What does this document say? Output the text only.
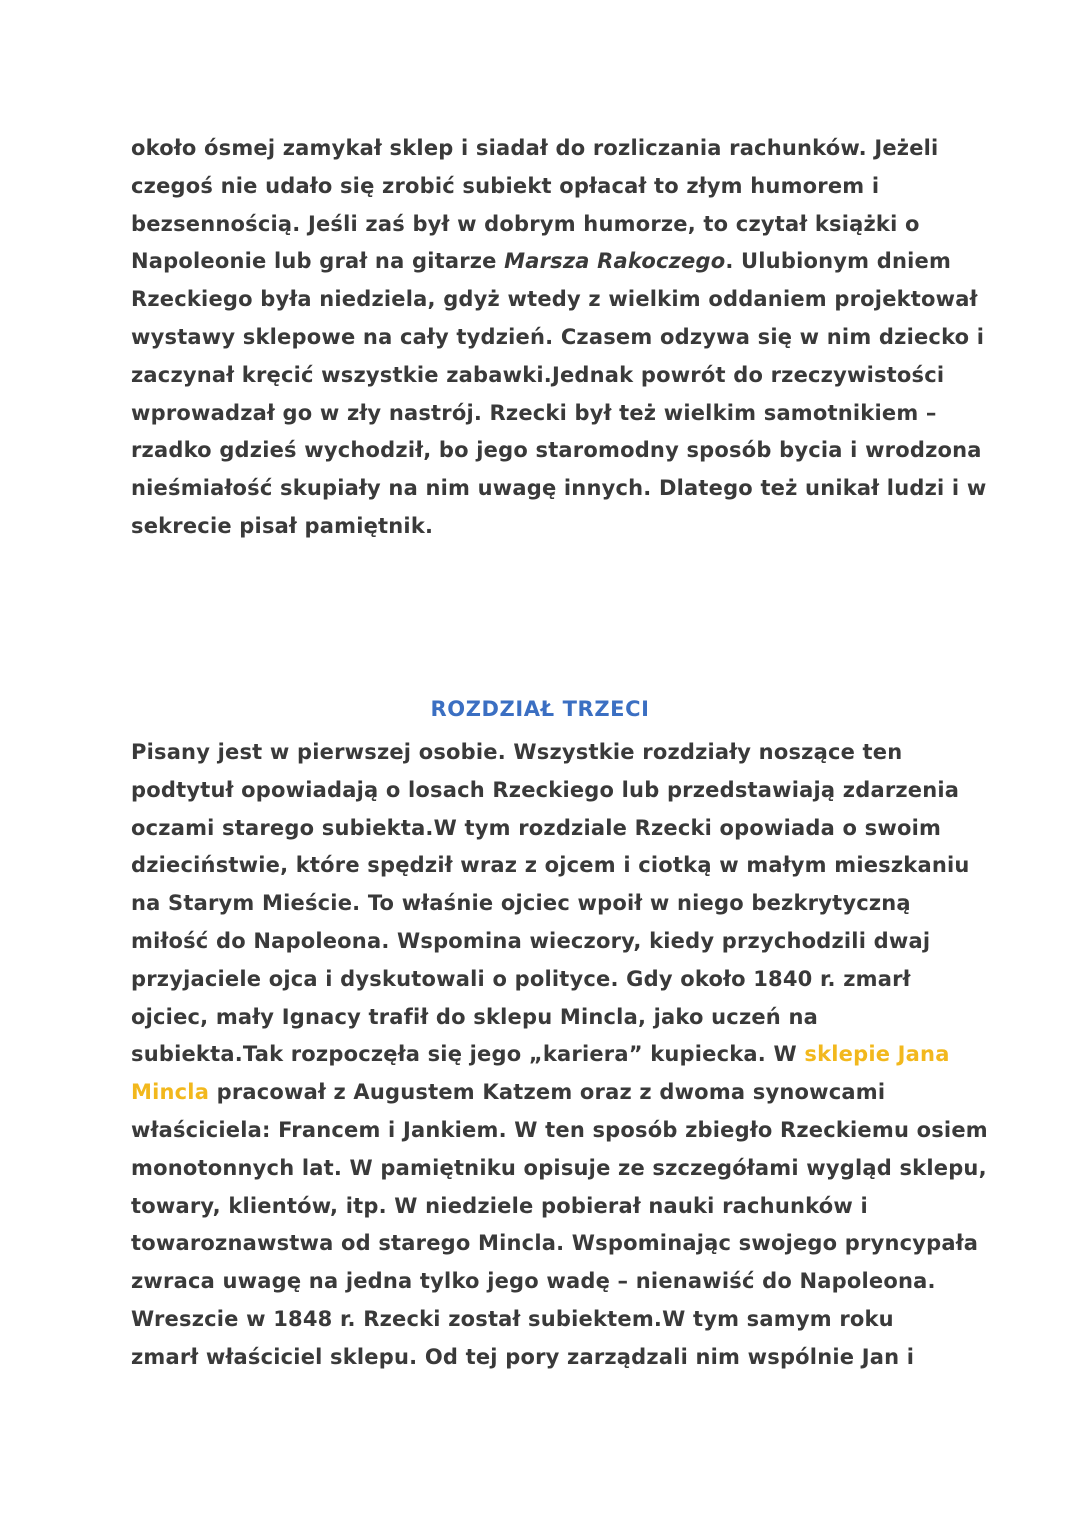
około ósmej zamykał sklep i siadał do rozliczania rachunków. Jeżeli
czegoś nie udało się zrobić subiekt opłacał to złym humorem i
bezsennością. Jeśli zaś był w dobrym humorze, to czytał książki o
Napoleonie lub grał na gitarze Marsza Rakoczego. Ulubionym dniem
Rzeckiego była niedziela, gdyż wtedy z wielkim oddaniem projektował
wystawy sklepowe na cały tydzień. Czasem odzywa się w nim dziecko i
zaczynał kręcić wszystkie zabawki.Jednak powrót do rzeczywistości
wprowadzał go w zły nastrój. Rzecki był też wielkim samotnikiem –
rzadko gdzieś wychodził, bo jego staromodny sposób bycia i wrodzona
nieśmiałość skupiały na nim uwagę innych. Dlatego też unikał ludzi i w
sekrecie pisał pamiętnik.
ROZDZIAŁ TRZECI
Pisany jest w pierwszej osobie. Wszystkie rozdziały noszące ten
podtytuł opowiadają o losach Rzeckiego lub przedstawiają zdarzenia
oczami starego subiekta.W tym rozdziale Rzecki opowiada o swoim
dzieciństwie, które spędził wraz z ojcem i ciotką w małym mieszkaniu
na Starym Mieście. To właśnie ojciec wpoił w niego bezkrytyczną
miłość do Napoleona. Wspomina wieczory, kiedy przychodzili dwaj
przyjaciele ojca i dyskutowali o polityce. Gdy około 1840 r. zmarł
ojciec, mały Ignacy trafił do sklepu Mincla, jako uczeń na
subiekta.Tak rozpoczęła się jego „kariera” kupiecka. W sklepie Jana
Mincla pracował z Augustem Katzem oraz z dwoma synowcami
właściciela: Francem i Jankiem. W ten sposób zbiegło Rzeckiemu osiem
monotonnych lat. W pamiętniku opisuje ze szczegółami wygląd sklepu,
towary, klientów, itp. W niedziele pobierał nauki rachunków i
towaroznawstwa od starego Mincla. Wspominając swojego pryncypała
zwraca uwagę na jedna tylko jego wadę – nienawiść do Napoleona.
Wreszcie w 1848 r. Rzecki został subiektem.W tym samym roku
zmarł właściciel sklepu. Od tej pory zarządzali nim wspólnie Jan i
